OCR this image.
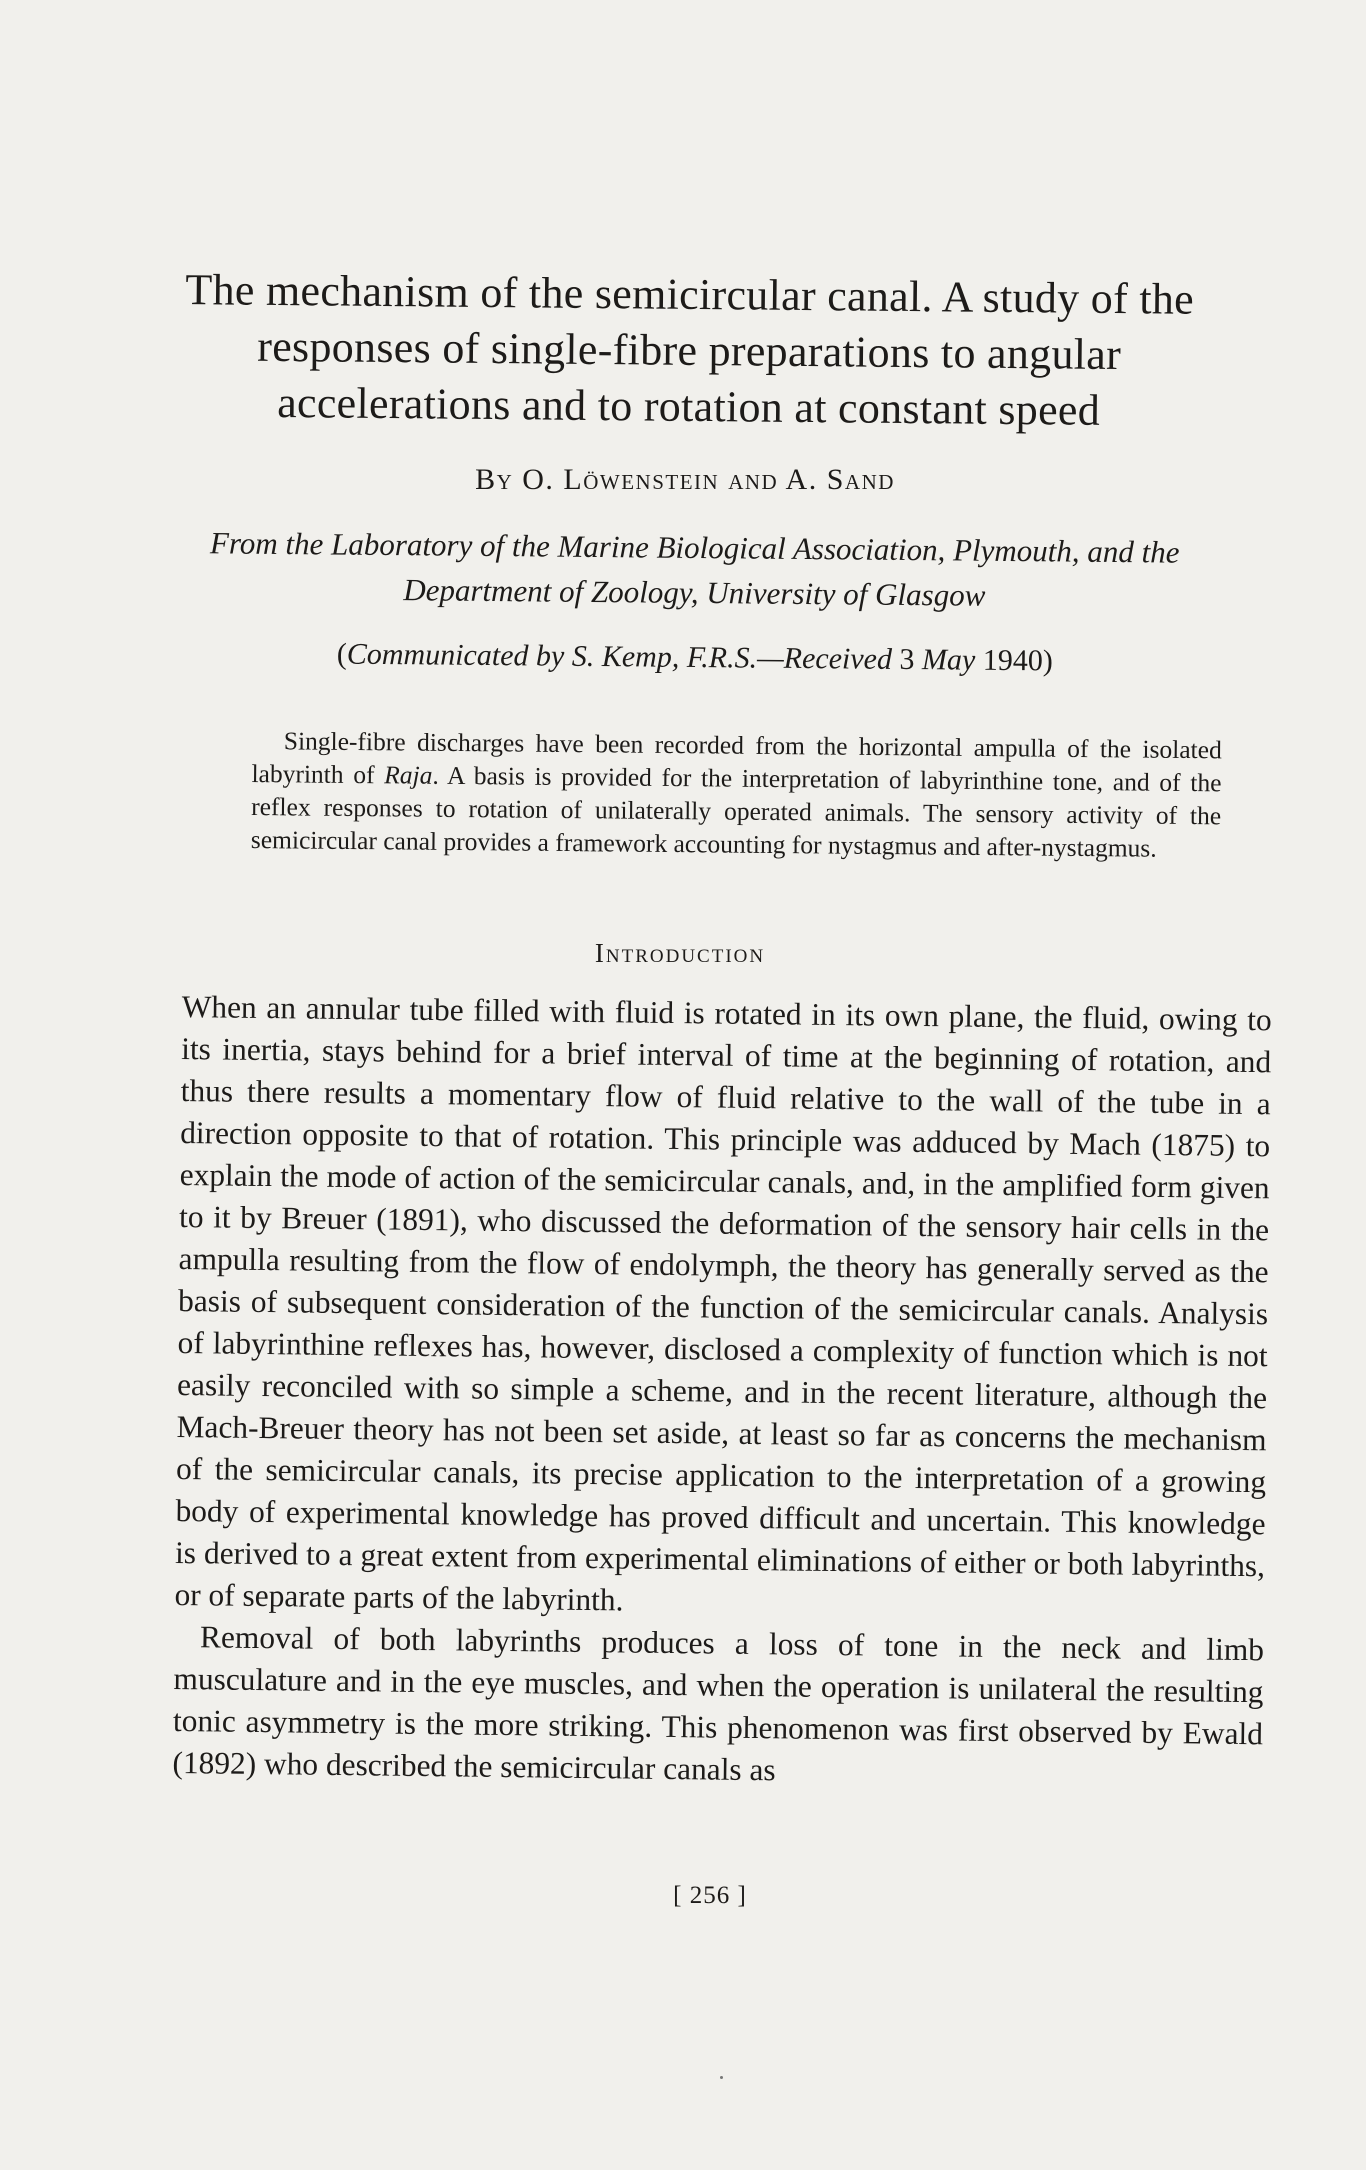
The mechanism of the semicircular canal. A study of the responses of single-fibre preparations to angular accelerations and to rotation at constant speed

By O. Löwenstein and A. Sand

From the Laboratory of the Marine Biological Association, Plymouth, and the Department of Zoology, University of Glasgow

(Communicated by S. Kemp, F.R.S.—Received 3 May 1940)

Single-fibre discharges have been recorded from the horizontal ampulla of the isolated labyrinth of Raja. A basis is provided for the interpretation of labyrinthine tone, and of the reflex responses to rotation of unilaterally operated animals. The sensory activity of the semicircular canal provides a framework accounting for nystagmus and after-nystagmus.

Introduction

When an annular tube filled with fluid is rotated in its own plane, the fluid, owing to its inertia, stays behind for a brief interval of time at the beginning of rotation, and thus there results a momentary flow of fluid relative to the wall of the tube in a direction opposite to that of rotation. This principle was adduced by Mach (1875) to explain the mode of action of the semicircular canals, and, in the amplified form given to it by Breuer (1891), who discussed the deformation of the sensory hair cells in the ampulla resulting from the flow of endolymph, the theory has generally served as the basis of subsequent consideration of the function of the semicircular canals. Analysis of labyrinthine reflexes has, however, disclosed a complexity of function which is not easily reconciled with so simple a scheme, and in the recent literature, although the Mach-Breuer theory has not been set aside, at least so far as concerns the mechanism of the semicircular canals, its precise application to the interpretation of a growing body of experimental knowledge has proved difficult and uncertain. This knowledge is derived to a great extent from experimental eliminations of either or both labyrinths, or of separate parts of the labyrinth.

Removal of both labyrinths produces a loss of tone in the neck and limb musculature and in the eye muscles, and when the operation is unilateral the resulting tonic asymmetry is the more striking. This phenomenon was first observed by Ewald (1892) who described the semicircular canals as

[ 256 ]
